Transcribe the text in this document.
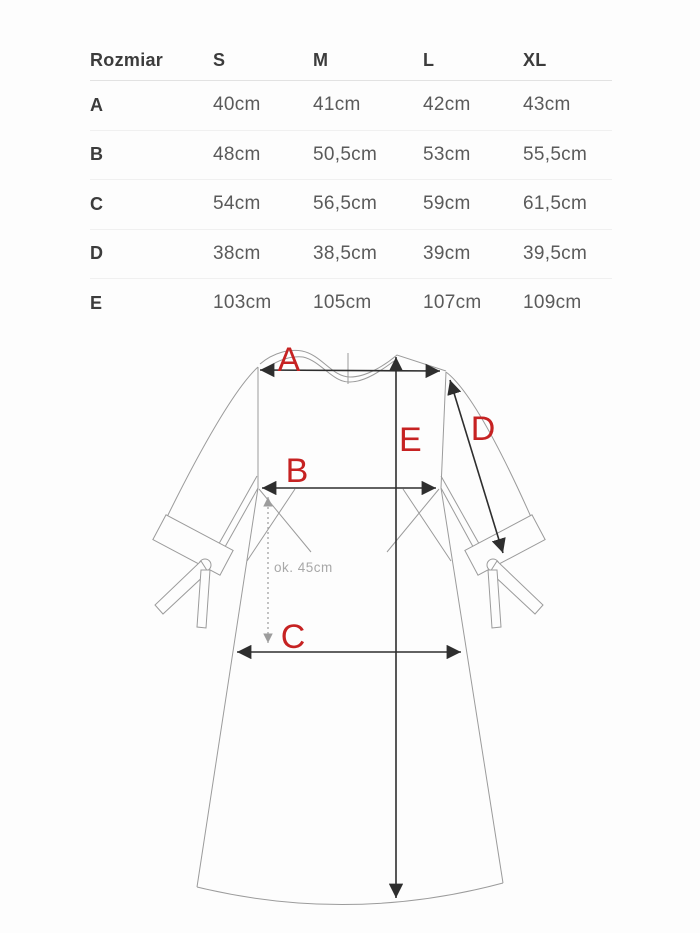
Rozmiar	S	M	L	XL
A	40cm	41cm	42cm	43cm
B	48cm	50,5cm	53cm	55,5cm
C	54cm	56,5cm	59cm	61,5cm
D	38cm	38,5cm	39cm	39,5cm
E	103cm	105cm	107cm	109cm
ok. 45cm
A
B
C
D
E
